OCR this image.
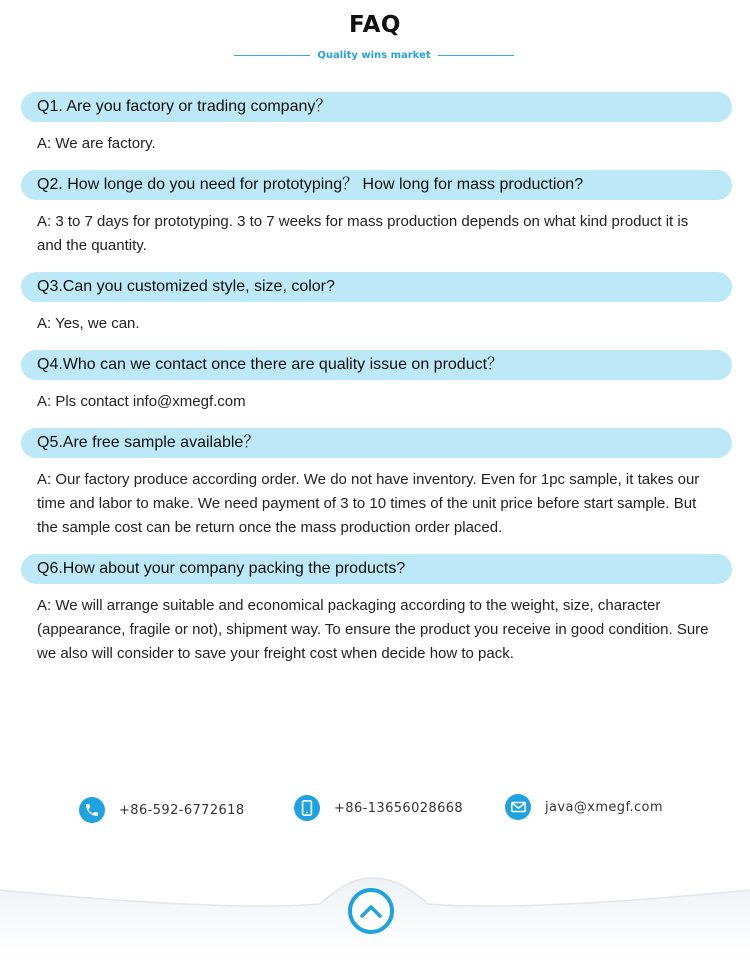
FAQ
Quality wins market
Q1. Are you factory or trading company？
A: We are factory.
Q2. How longe do you need for prototyping？ How long for mass production?
A: 3 to 7 days for prototyping. 3 to 7 weeks for mass production depends on what kind product it is and the quantity.
Q3.Can you customized style, size, color?
A: Yes, we can.
Q4.Who can we contact once there are quality issue on product？
A: Pls contact info@xmegf.com
Q5.Are free sample available？
A: Our factory produce according order. We do not have inventory. Even for 1pc sample, it takes our time and labor to make. We need payment of 3 to 10 times of the unit price before start sample. But the sample cost can be return once the mass production order placed.
Q6.How about your company packing the products?
A: We will arrange suitable and economical packaging according to the weight, size, character (appearance, fragile or not), shipment way. To ensure the product you receive in good condition. Sure we also will consider to save your freight cost when decide how to pack.
+86-592-6772618	+86-13656028668	java@xmegf.com
